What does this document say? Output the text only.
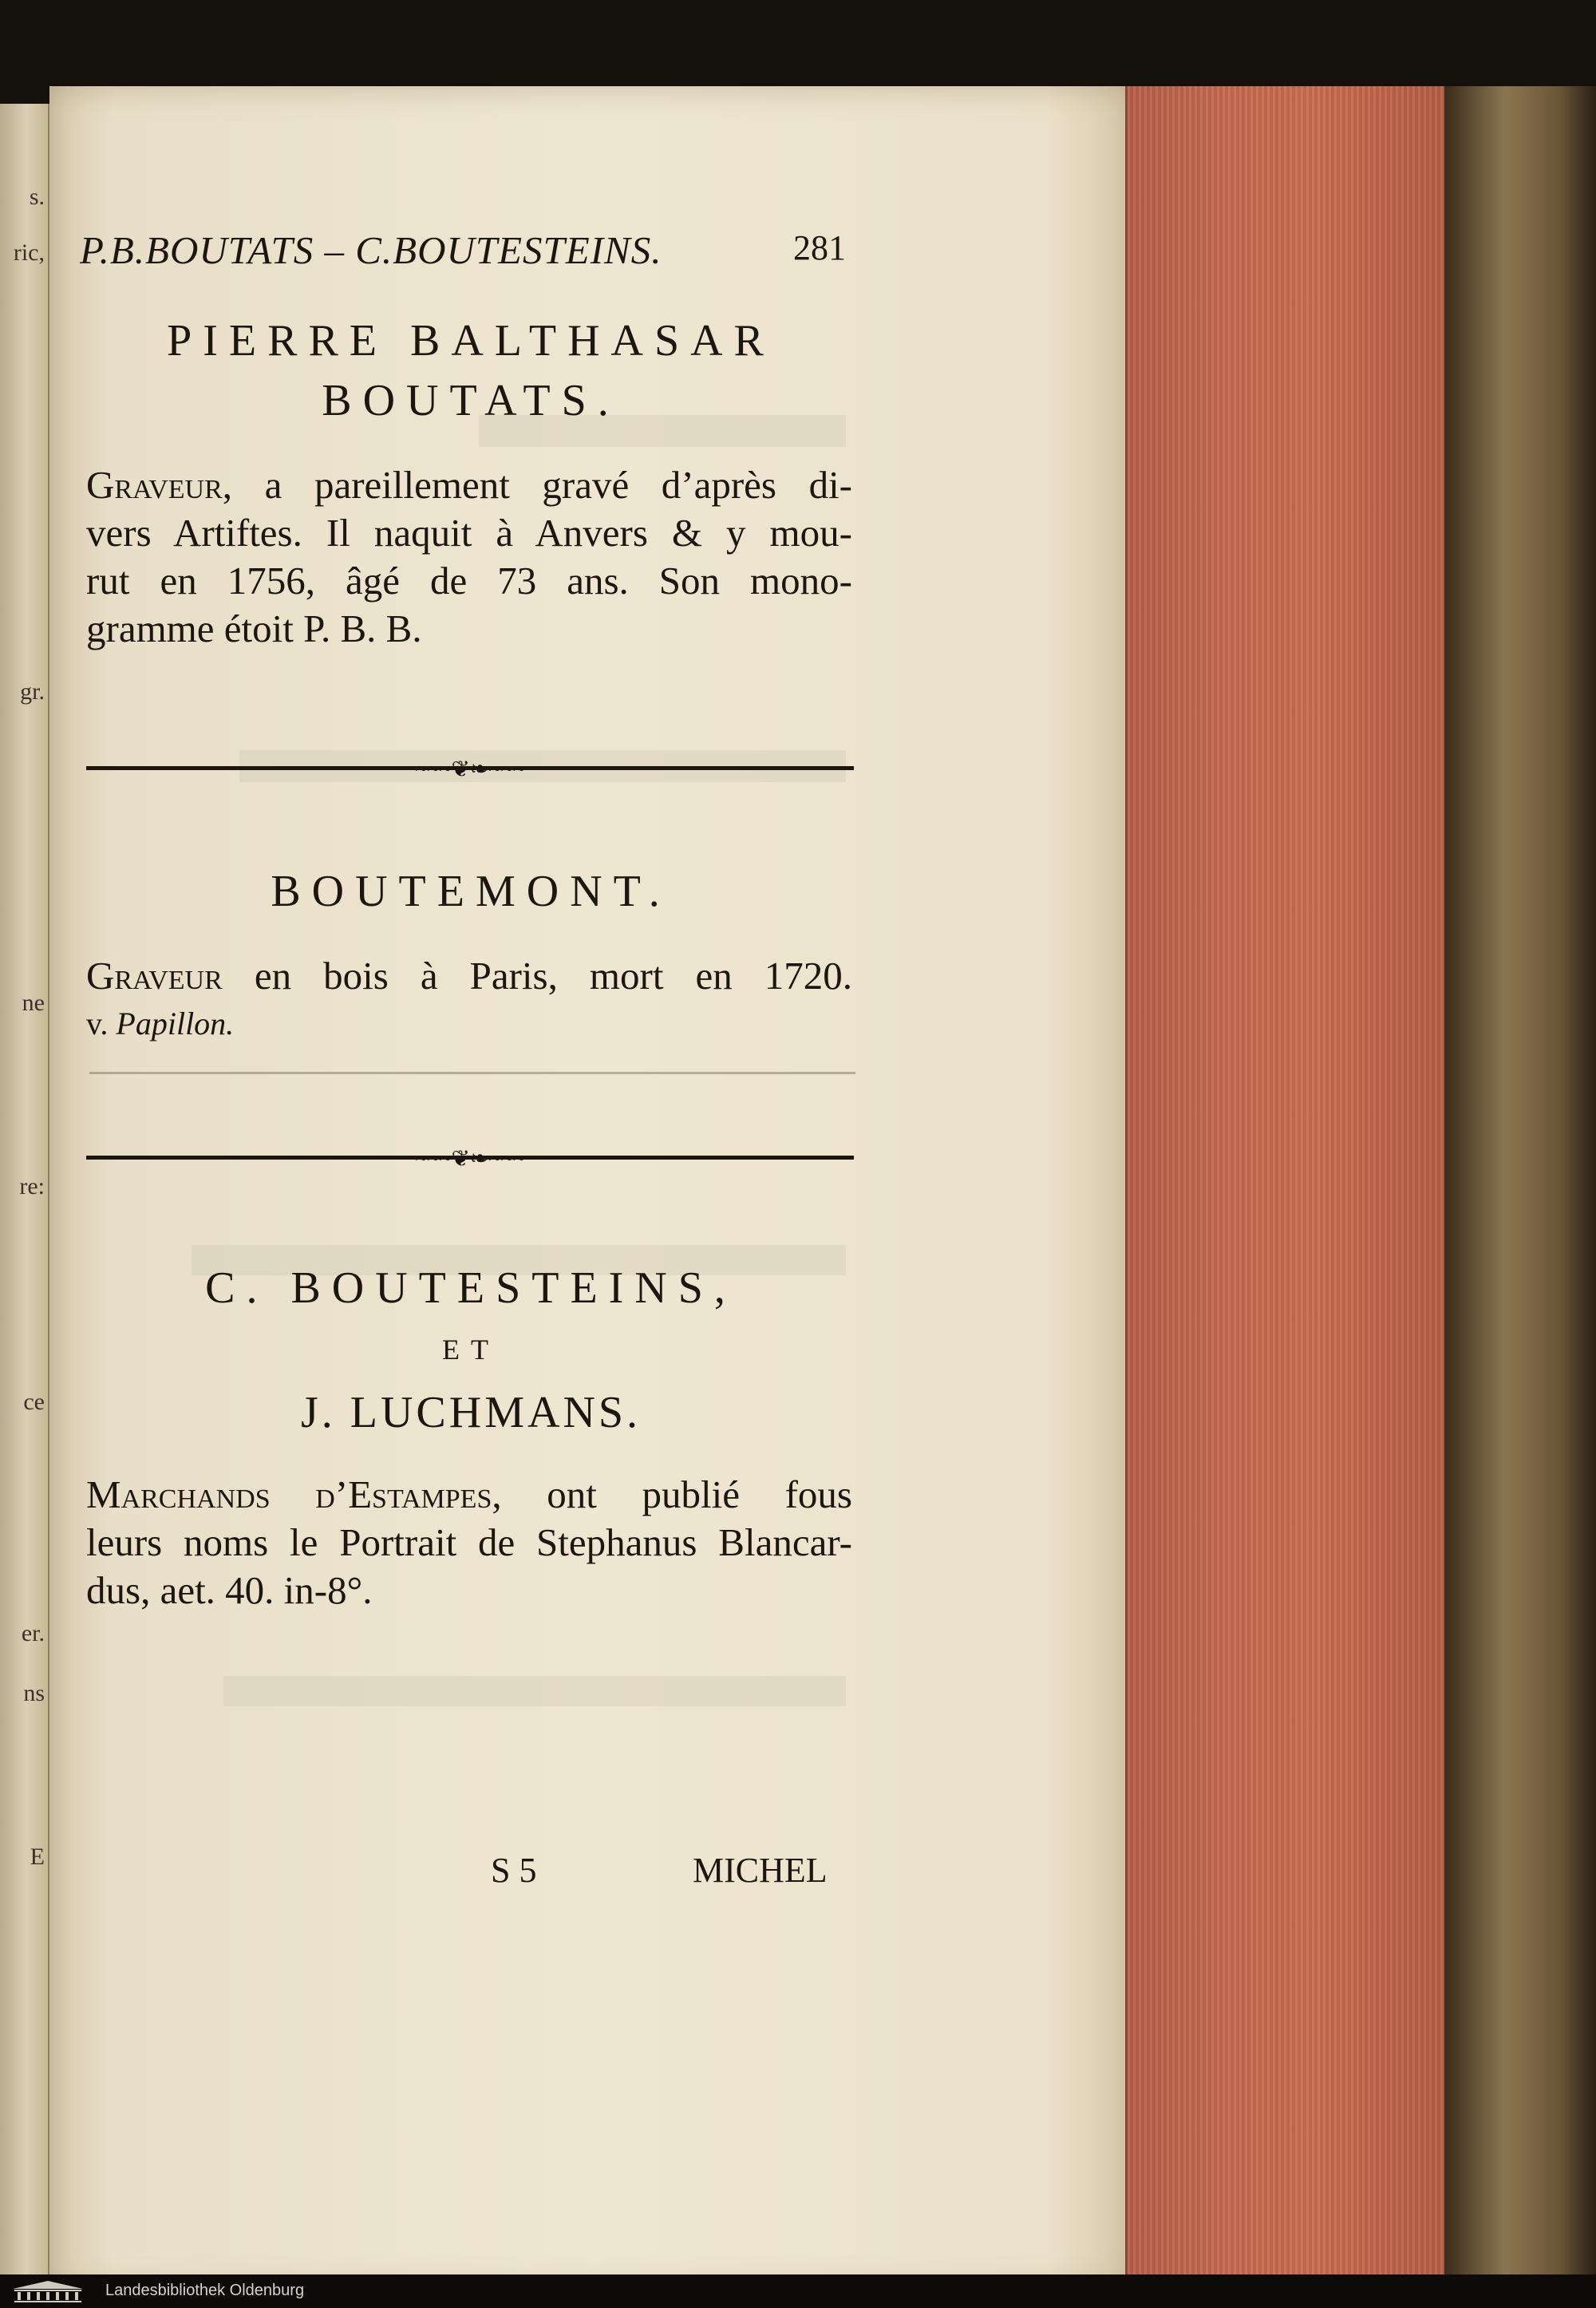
s.
ric,
gr.
ne
re:
ce
er.
ns
E
P.B.BOUTATS – C.BOUTESTEINS.	281
PIERRE BALTHASAR
BOUTATS.
Graveur, a pareillement gravé d’après di-
vers Artiftes. Il naquit à Anvers & y mou-
rut en 1756, âgé de 73 ans. Son mono-
gramme étoit P. B. B.
~~~❦❧~~~
BOUTEMONT.
Graveur en bois à Paris, mort en 1720.
v. Papillon.
~~~❦❧~~~
C. BOUTESTEINS,
ET
J. LUCHMANS.
Marchands d’Estampes, ont publié fous
leurs noms le Portrait de Stephanus Blancar-
dus, aet. 40. in-8°.
S 5	MICHEL
Landesbibliothek Oldenburg
